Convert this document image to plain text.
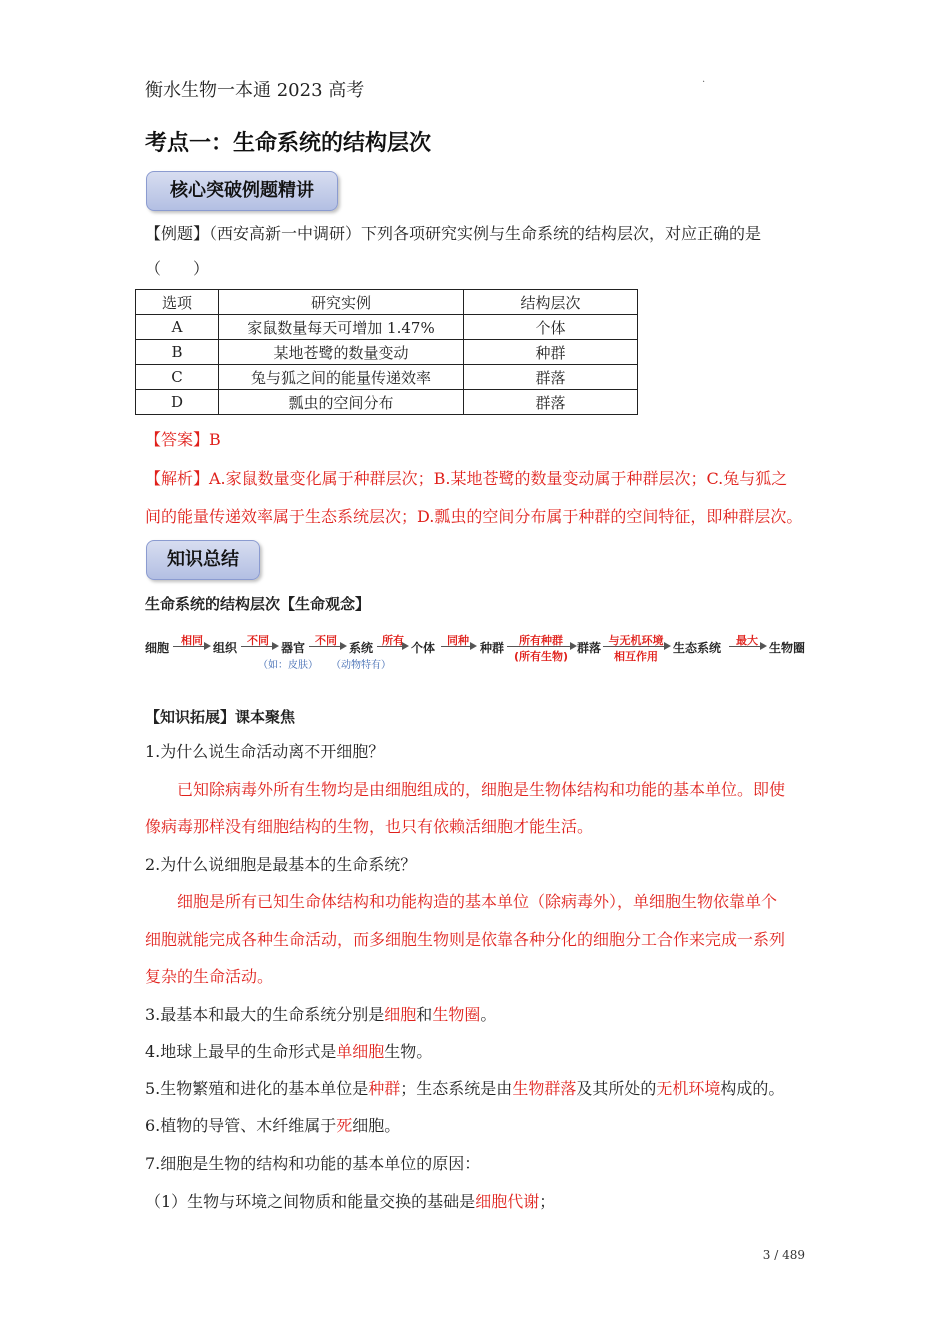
衡水生物一本通 2023 高考
.
考点一：生命系统的结构层次
核心突破例题精讲
【例题】（西安高新一中调研）下列各项研究实例与生命系统的结构层次，对应正确的是
（　　）
选项	研究实例	结构层次
A	家鼠数量每天可增加 1.47%	个体
B	某地苍鹭的数量变动	种群
C	兔与狐之间的能量传递效率	群落
D	瓢虫的空间分布	群落
【答案】B
【解析】A.家鼠数量变化属于种群层次；B.某地苍鹭的数量变动属于种群层次；C.兔与狐之
间的能量传递效率属于生态系统层次；D.瓢虫的空间分布属于种群的空间特征，即种群层次。
知识总结
生命系统的结构层次【生命观念】
细胞
相同
组织
不同
（如：皮肤）
器官
不同
（动物特有）
系统
所有
个体
同种
种群
所有种群
(所有生物)
群落
与无机环境
相互作用
生态系统
最大
生物圈
【知识拓展】课本聚焦
1.为什么说生命活动离不开细胞？
已知除病毒外所有生物均是由细胞组成的，细胞是生物体结构和功能的基本单位。即使
像病毒那样没有细胞结构的生物，也只有依赖活细胞才能生活。
2.为什么说细胞是最基本的生命系统？
细胞是所有已知生命体结构和功能构造的基本单位（除病毒外），单细胞生物依靠单个
细胞就能完成各种生命活动，而多细胞生物则是依靠各种分化的细胞分工合作来完成一系列
复杂的生命活动。
3.最基本和最大的生命系统分别是细胞和生物圈。
4.地球上最早的生命形式是单细胞生物。
5.生物繁殖和进化的基本单位是种群；生态系统是由生物群落及其所处的无机环境构成的。
6.植物的导管、木纤维属于死细胞。
7.细胞是生物的结构和功能的基本单位的原因：
（1）生物与环境之间物质和能量交换的基础是细胞代谢；
3 / 489
